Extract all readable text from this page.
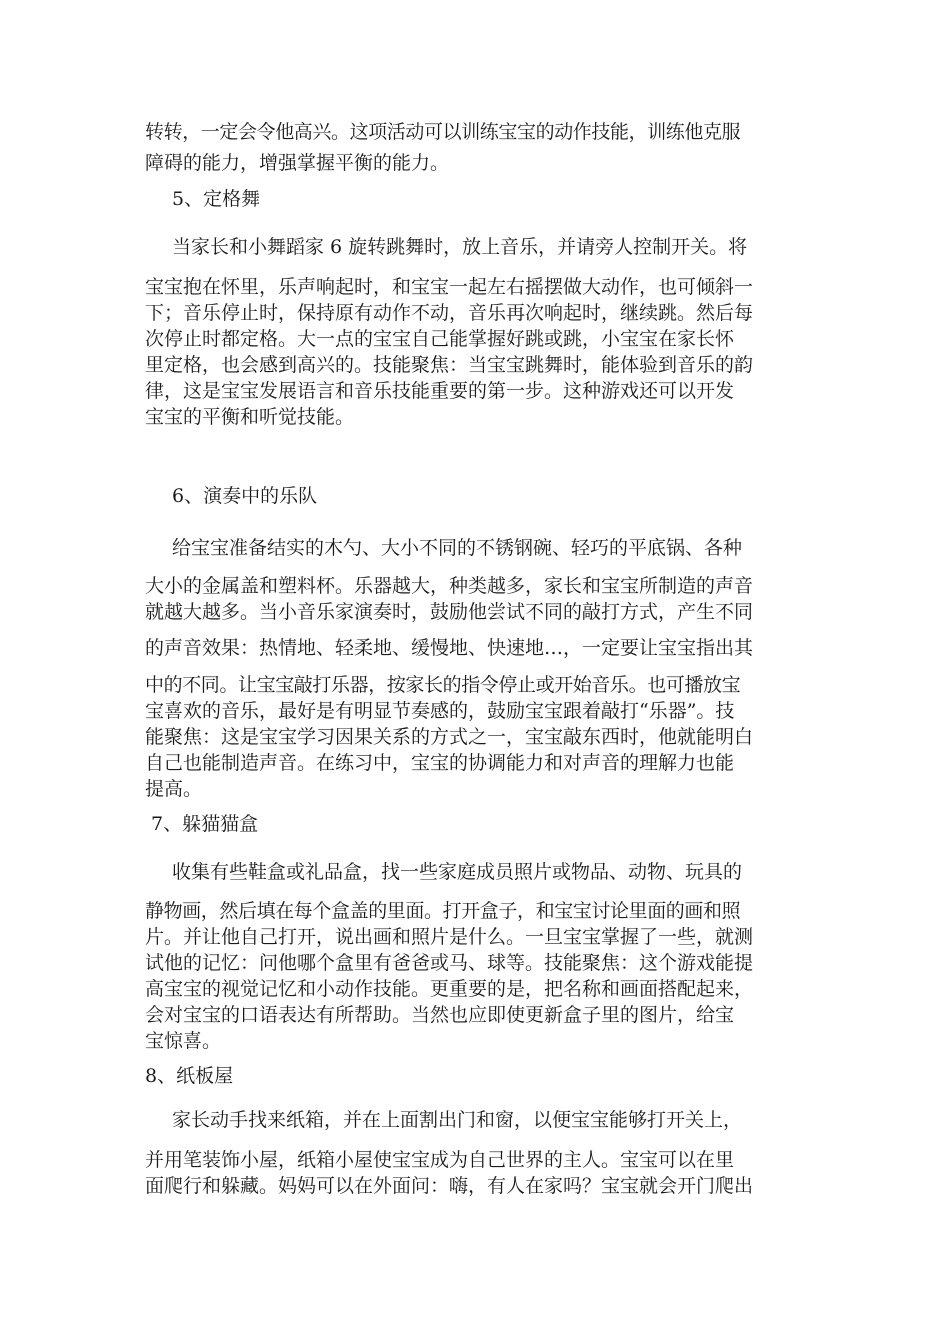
转转，一定会令他高兴。这项活动可以训练宝宝的动作技能，训练他克服
障碍的能力，增强掌握平衡的能力。
5、定格舞
当家长和小舞蹈家 6 旋转跳舞时，放上音乐，并请旁人控制开关。将
宝宝抱在怀里，乐声响起时，和宝宝一起左右摇摆做大动作，也可倾斜一
下；音乐停止时，保持原有动作不动，音乐再次响起时，继续跳。然后每
次停止时都定格。大一点的宝宝自己能掌握好跳或跳，小宝宝在家长怀
里定格，也会感到高兴的。技能聚焦：当宝宝跳舞时，能体验到音乐的韵
律，这是宝宝发展语言和音乐技能重要的第一步。这种游戏还可以开发
宝宝的平衡和听觉技能。
6、演奏中的乐队
给宝宝准备结实的木勺、大小不同的不锈钢碗、轻巧的平底锅、各种
大小的金属盖和塑料杯。乐器越大，种类越多，家长和宝宝所制造的声音
就越大越多。当小音乐家演奏时，鼓励他尝试不同的敲打方式，产生不同
的声音效果：热情地、轻柔地、缓慢地、快速地…，一定要让宝宝指出其
中的不同。让宝宝敲打乐器，按家长的指令停止或开始音乐。也可播放宝
宝喜欢的音乐，最好是有明显节奏感的，鼓励宝宝跟着敲打“乐器”。技
能聚焦：这是宝宝学习因果关系的方式之一，宝宝敲东西时，他就能明白
自己也能制造声音。在练习中，宝宝的协调能力和对声音的理解力也能
提高。
7、躲猫猫盒
收集有些鞋盒或礼品盒，找一些家庭成员照片或物品、动物、玩具的
静物画，然后填在每个盒盖的里面。打开盒子，和宝宝讨论里面的画和照
片。并让他自己打开，说出画和照片是什么。一旦宝宝掌握了一些，就测
试他的记忆：问他哪个盒里有爸爸或马、球等。技能聚焦：这个游戏能提
高宝宝的视觉记忆和小动作技能。更重要的是，把名称和画面搭配起来，
会对宝宝的口语表达有所帮助。当然也应即使更新盒子里的图片，给宝
宝惊喜。
8、纸板屋
家长动手找来纸箱，并在上面割出门和窗，以便宝宝能够打开关上，
并用笔装饰小屋，纸箱小屋使宝宝成为自己世界的主人。宝宝可以在里
面爬行和躲藏。妈妈可以在外面问：嗨，有人在家吗？宝宝就会开门爬出
